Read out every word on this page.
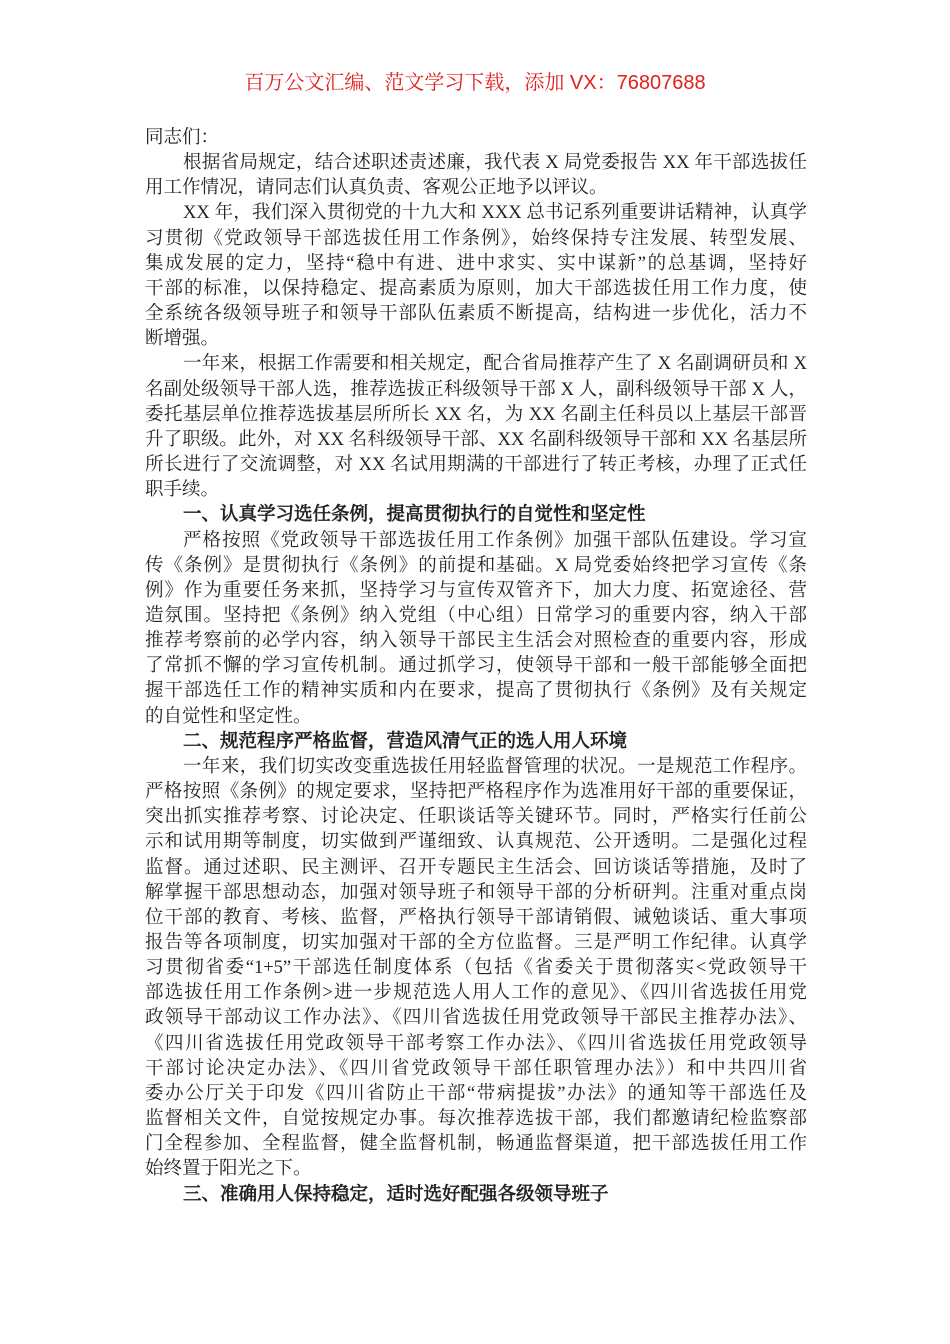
百万公文汇编、范文学习下载，添加 VX：76807688
同志们：
根据省局规定，结合述职述责述廉，我代表 X 局党委报告 XX 年干部选拔任
用工作情况，请同志们认真负责、客观公正地予以评议。
XX 年，我们深入贯彻党的十九大和 XXX 总书记系列重要讲话精神，认真学
习贯彻《党政领导干部选拔任用工作条例》，始终保持专注发展、转型发展、
集成发展的定力，坚持“稳中有进、进中求实、实中谋新”的总基调，坚持好
干部的标准，以保持稳定、提高素质为原则，加大干部选拔任用工作力度，使
全系统各级领导班子和领导干部队伍素质不断提高，结构进一步优化，活力不
断增强。
一年来，根据工作需要和相关规定，配合省局推荐产生了 X 名副调研员和 X
名副处级领导干部人选，推荐选拔正科级领导干部 X 人，副科级领导干部 X 人，
委托基层单位推荐选拔基层所所长 XX 名，为 XX 名副主任科员以上基层干部晋
升了职级。此外，对 XX 名科级领导干部、XX 名副科级领导干部和 XX 名基层所
所长进行了交流调整，对 XX 名试用期满的干部进行了转正考核，办理了正式任
职手续。
一、认真学习选任条例，提高贯彻执行的自觉性和坚定性
严格按照《党政领导干部选拔任用工作条例》加强干部队伍建设。学习宣
传《条例》是贯彻执行《条例》的前提和基础。X 局党委始终把学习宣传《条
例》作为重要任务来抓，坚持学习与宣传双管齐下，加大力度、拓宽途径、营
造氛围。坚持把《条例》纳入党组（中心组）日常学习的重要内容，纳入干部
推荐考察前的必学内容，纳入领导干部民主生活会对照检查的重要内容，形成
了常抓不懈的学习宣传机制。通过抓学习，使领导干部和一般干部能够全面把
握干部选任工作的精神实质和内在要求，提高了贯彻执行《条例》及有关规定
的自觉性和坚定性。
二、规范程序严格监督，营造风清气正的选人用人环境
一年来，我们切实改变重选拔任用轻监督管理的状况。一是规范工作程序。
严格按照《条例》的规定要求，坚持把严格程序作为选准用好干部的重要保证，
突出抓实推荐考察、讨论决定、任职谈话等关键环节。同时，严格实行任前公
示和试用期等制度，切实做到严谨细致、认真规范、公开透明。二是强化过程
监督。通过述职、民主测评、召开专题民主生活会、回访谈话等措施，及时了
解掌握干部思想动态，加强对领导班子和领导干部的分析研判。注重对重点岗
位干部的教育、考核、监督，严格执行领导干部请销假、诫勉谈话、重大事项
报告等各项制度，切实加强对干部的全方位监督。三是严明工作纪律。认真学
习贯彻省委“1+5”干部选任制度体系（包括《省委关于贯彻落实<党政领导干
部选拔任用工作条例>进一步规范选人用人工作的意见》、《四川省选拔任用党
政领导干部动议工作办法》、《四川省选拔任用党政领导干部民主推荐办法》、
《四川省选拔任用党政领导干部考察工作办法》、《四川省选拔任用党政领导
干部讨论决定办法》、《四川省党政领导干部任职管理办法》）和中共四川省
委办公厅关于印发《四川省防止干部“带病提拔”办法》的通知等干部选任及
监督相关文件，自觉按规定办事。每次推荐选拔干部，我们都邀请纪检监察部
门全程参加、全程监督，健全监督机制，畅通监督渠道，把干部选拔任用工作
始终置于阳光之下。
三、准确用人保持稳定，适时选好配强各级领导班子
